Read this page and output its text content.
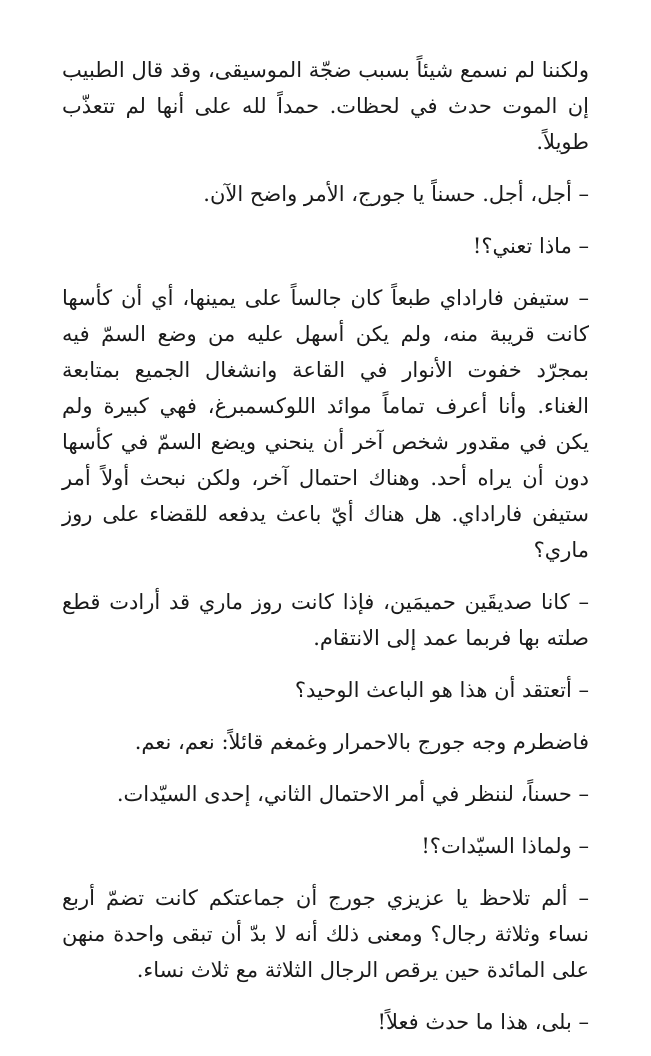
ولكننا لم نسمع شيئاً بسبب ضجّة الموسيقى، وقد قال الطبيب إن الموت حدث في لحظات. حمداً لله على أنها لم تتعذّب طويلاً.

– أجل، أجل. حسناً يا جورج، الأمر واضح الآن.

– ماذا تعني؟!

– ستيفن فاراداي طبعاً كان جالساً على يمينها، أي أن كأسها كانت قريبة منه، ولم يكن أسهل عليه من وضع السمّ فيه بمجرّد خفوت الأنوار في القاعة وانشغال الجميع بمتابعة الغناء. وأنا أعرف تماماً موائد اللوكسمبرغ، فهي كبيرة ولم يكن في مقدور شخص آخر أن ينحني ويضع السمّ في كأسها دون أن يراه أحد. وهناك احتمال آخر، ولكن نبحث أولاً أمر ستيفن فاراداي. هل هناك أيّ باعث يدفعه للقضاء على روز ماري؟

– كانا صديقَين حميمَين، فإذا كانت روز ماري قد أرادت قطع صلته بها فربما عمد إلى الانتقام.

– أتعتقد أن هذا هو الباعث الوحيد؟

فاضطرم وجه جورج بالاحمرار وغمغم قائلاً: نعم، نعم.

– حسناً، لننظر في أمر الاحتمال الثاني، إحدى السيّدات.

– ولماذا السيّدات؟!

– ألم تلاحظ يا عزيزي جورج أن جماعتكم كانت تضمّ أربع نساء وثلاثة رجال؟ ومعنى ذلك أنه لا بدّ أن تبقى واحدة منهن على المائدة حين يرقص الرجال الثلاثة مع ثلاث نساء.

– بلى، هذا ما حدث فعلاً!
